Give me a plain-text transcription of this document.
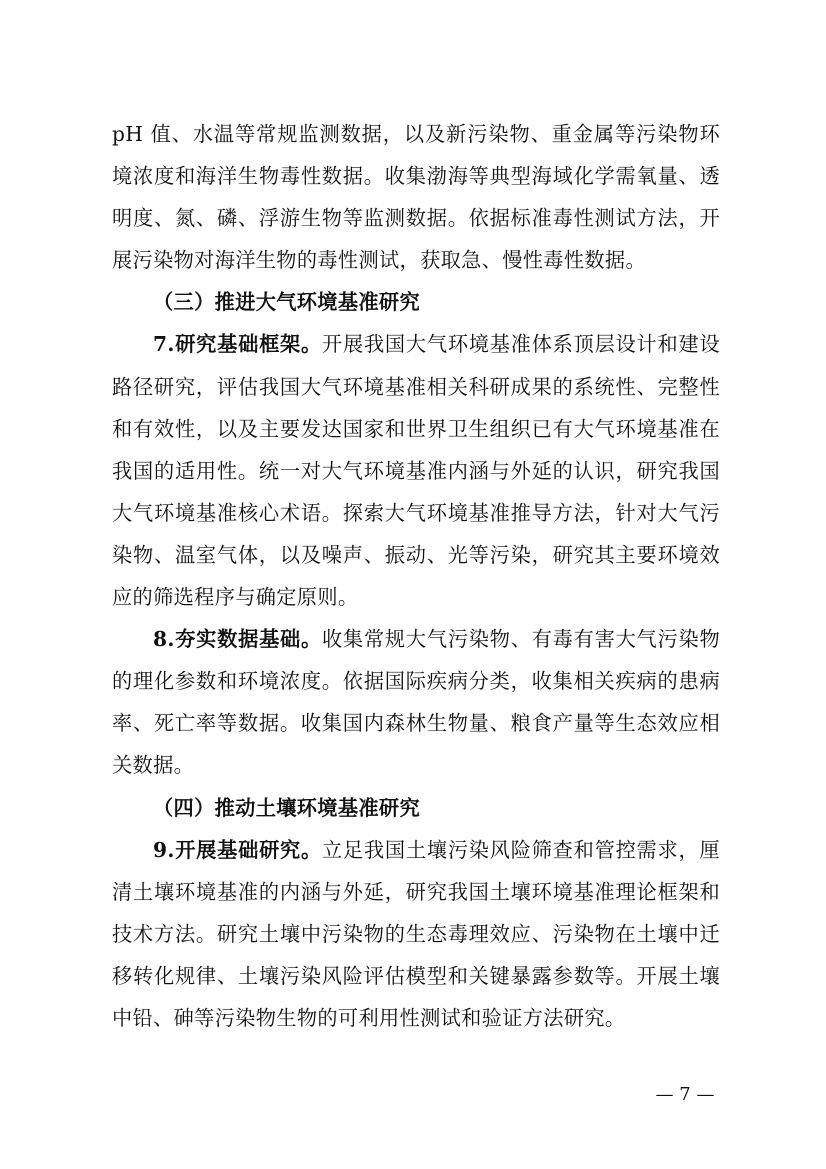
pH 值、水温等常规监测数据，以及新污染物、重金属等污染物环境浓度和海洋生物毒性数据。收集渤海等典型海域化学需氧量、透明度、氮、磷、浮游生物等监测数据。依据标准毒性测试方法，开展污染物对海洋生物的毒性测试，获取急、慢性毒性数据。

（三）推进大气环境基准研究

7.研究基础框架。开展我国大气环境基准体系顶层设计和建设路径研究，评估我国大气环境基准相关科研成果的系统性、完整性和有效性，以及主要发达国家和世界卫生组织已有大气环境基准在我国的适用性。统一对大气环境基准内涵与外延的认识，研究我国大气环境基准核心术语。探索大气环境基准推导方法，针对大气污染物、温室气体，以及噪声、振动、光等污染，研究其主要环境效应的筛选程序与确定原则。

8.夯实数据基础。收集常规大气污染物、有毒有害大气污染物的理化参数和环境浓度。依据国际疾病分类，收集相关疾病的患病率、死亡率等数据。收集国内森林生物量、粮食产量等生态效应相关数据。

（四）推动土壤环境基准研究

9.开展基础研究。立足我国土壤污染风险筛查和管控需求，厘清土壤环境基准的内涵与外延，研究我国土壤环境基准理论框架和技术方法。研究土壤中污染物的生态毒理效应、污染物在土壤中迁移转化规律、土壤污染风险评估模型和关键暴露参数等。开展土壤中铅、砷等污染物生物的可利用性测试和验证方法研究。

— 7 —
